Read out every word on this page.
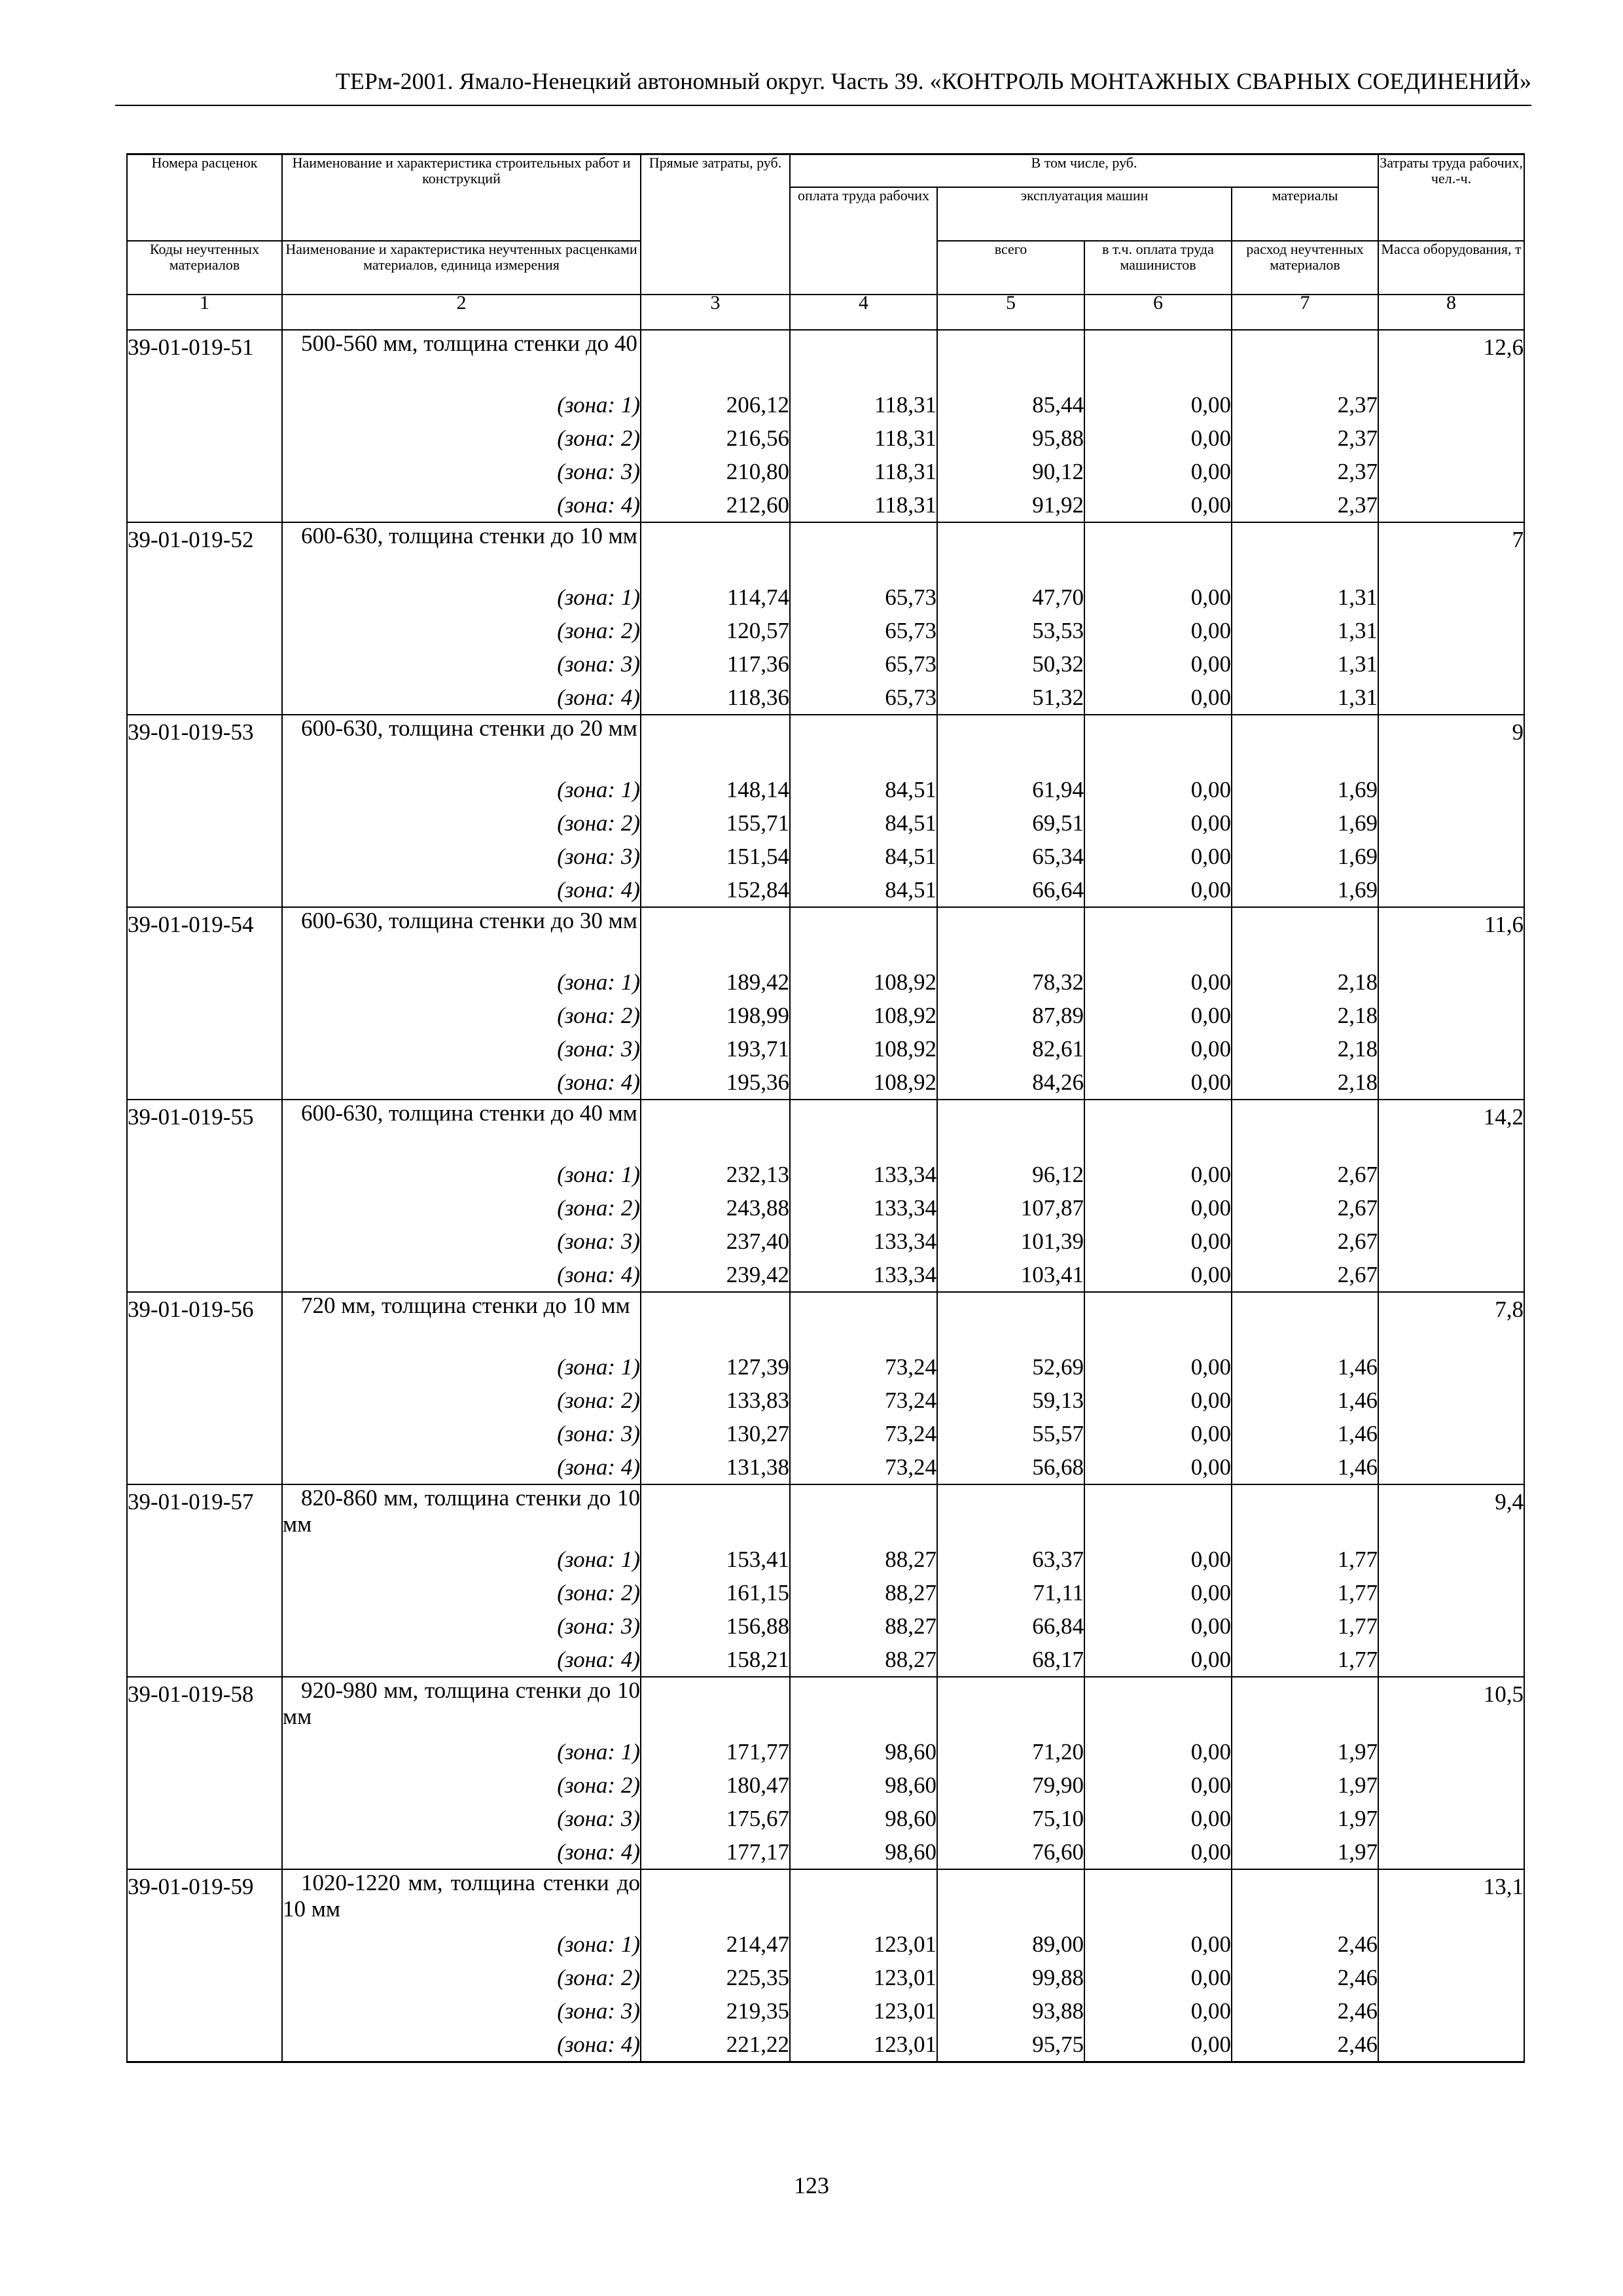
ТЕРм-2001. Ямало-Ненецкий автономный округ. Часть 39. «КОНТРОЛЬ МОНТАЖНЫХ СВАРНЫХ СОЕДИНЕНИЙ»
Номера расценок	Наименование и характеристика строительных работ и конструкций	Прямые затраты, руб.	В том числе, руб.				Затраты труда рабочих, чел.-ч.
			оплата труда рабочих	эксплуатация машин		материалы	
Коды неучтенных материалов	Наименование и характеристика неучтенных расценками материалов, единица измерения			всего	в т.ч. оплата труда машинистов	расход неучтенных материалов	Масса оборудования, т
1	2	3	4	5	6	7	8
39-01-019-51	500-560 мм, толщина стенки до 40						12,6
	(зона: 1)	206,12	118,31	85,44	0,00	2,37	
	(зона: 2)	216,56	118,31	95,88	0,00	2,37	
	(зона: 3)	210,80	118,31	90,12	0,00	2,37	
	(зона: 4)	212,60	118,31	91,92	0,00	2,37	
39-01-019-52	600-630, толщина стенки до 10 мм						7
	(зона: 1)	114,74	65,73	47,70	0,00	1,31	
	(зона: 2)	120,57	65,73	53,53	0,00	1,31	
	(зона: 3)	117,36	65,73	50,32	0,00	1,31	
	(зона: 4)	118,36	65,73	51,32	0,00	1,31	
39-01-019-53	600-630, толщина стенки до 20 мм						9
	(зона: 1)	148,14	84,51	61,94	0,00	1,69	
	(зона: 2)	155,71	84,51	69,51	0,00	1,69	
	(зона: 3)	151,54	84,51	65,34	0,00	1,69	
	(зона: 4)	152,84	84,51	66,64	0,00	1,69	
39-01-019-54	600-630, толщина стенки до 30 мм						11,6
	(зона: 1)	189,42	108,92	78,32	0,00	2,18	
	(зона: 2)	198,99	108,92	87,89	0,00	2,18	
	(зона: 3)	193,71	108,92	82,61	0,00	2,18	
	(зона: 4)	195,36	108,92	84,26	0,00	2,18	
39-01-019-55	600-630, толщина стенки до 40 мм						14,2
	(зона: 1)	232,13	133,34	96,12	0,00	2,67	
	(зона: 2)	243,88	133,34	107,87	0,00	2,67	
	(зона: 3)	237,40	133,34	101,39	0,00	2,67	
	(зона: 4)	239,42	133,34	103,41	0,00	2,67	
39-01-019-56	720 мм, толщина стенки до 10 мм						7,8
	(зона: 1)	127,39	73,24	52,69	0,00	1,46	
	(зона: 2)	133,83	73,24	59,13	0,00	1,46	
	(зона: 3)	130,27	73,24	55,57	0,00	1,46	
	(зона: 4)	131,38	73,24	56,68	0,00	1,46	
39-01-019-57	820-860 мм, толщина стенки до 10 мм						9,4
	(зона: 1)	153,41	88,27	63,37	0,00	1,77	
	(зона: 2)	161,15	88,27	71,11	0,00	1,77	
	(зона: 3)	156,88	88,27	66,84	0,00	1,77	
	(зона: 4)	158,21	88,27	68,17	0,00	1,77	
39-01-019-58	920-980 мм, толщина стенки до 10 мм						10,5
	(зона: 1)	171,77	98,60	71,20	0,00	1,97	
	(зона: 2)	180,47	98,60	79,90	0,00	1,97	
	(зона: 3)	175,67	98,60	75,10	0,00	1,97	
	(зона: 4)	177,17	98,60	76,60	0,00	1,97	
39-01-019-59	1020-1220 мм, толщина стенки до 10 мм						13,1
	(зона: 1)	214,47	123,01	89,00	0,00	2,46	
	(зона: 2)	225,35	123,01	99,88	0,00	2,46	
	(зона: 3)	219,35	123,01	93,88	0,00	2,46	
	(зона: 4)	221,22	123,01	95,75	0,00	2,46	
123
